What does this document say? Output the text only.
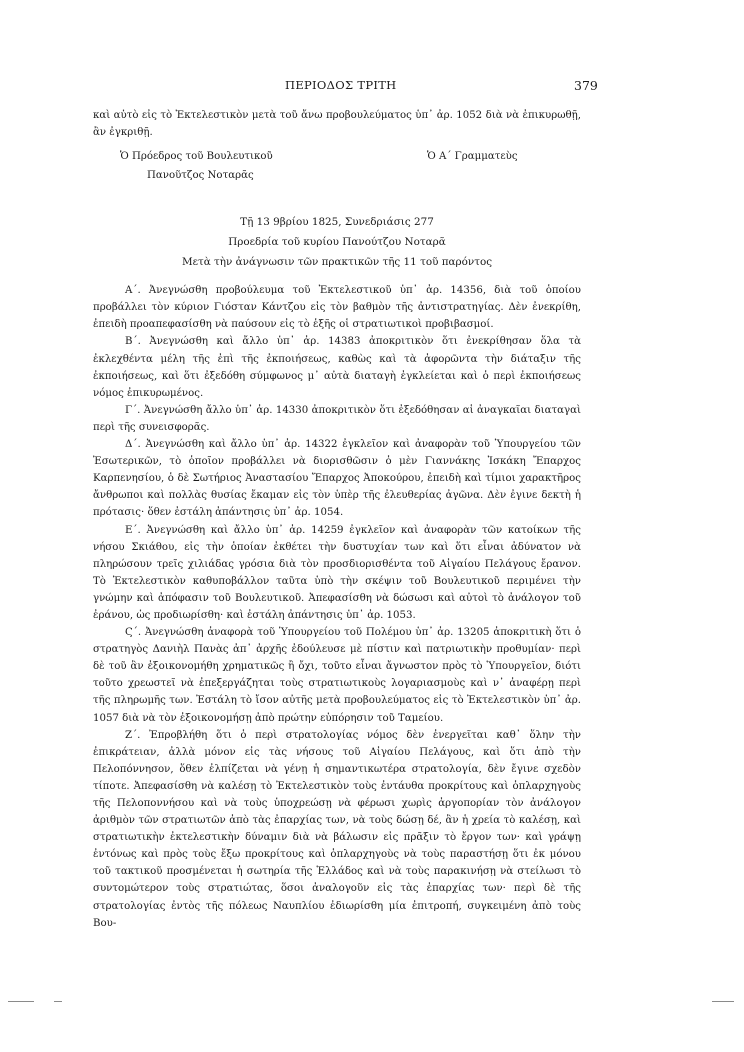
ΠΕΡΙΟΔΟΣ ΤΡΙΤΗ	379

καὶ αὐτὸ εἰς τὸ Ἐκτελεστικὸν μετὰ τοῦ ἄνω προβουλεύματος ὑπ᾽ ἀρ. 1052 διὰ νὰ ἐπικυρωθῇ, ἂν ἐγκριθῇ.

Ὁ Πρόεδρος τοῦ Βουλευτικοῦ
Πανοῦτζος Νοταρᾶς
Ὁ Α΄ Γραμματεὺς
Τῇ 13 9βρίου 1825, Συνεδριάσις 277
Προεδρία τοῦ κυρίου Πανούτζου Νοταρᾶ
Μετὰ τὴν ἀνάγνωσιν τῶν πρακτικῶν τῆς 11 τοῦ παρόντος

Α΄. Ἀνεγνώσθη προβούλευμα τοῦ Ἐκτελεστικοῦ ὑπ᾽ ἀρ. 14356, διὰ τοῦ ὁποίου προβάλλει τὸν κύριον Γιόσταν Κάντζου εἰς τὸν βαθμὸν τῆς ἀντιστρατηγίας. Δὲν ἐνεκρίθη, ἐπειδὴ προαπεφασίσθη νὰ παύσουν εἰς τὸ ἑξῆς οἱ στρατιωτικοὶ προβιβασμοί.

Β΄. Ἀνεγνώσθη καὶ ἄλλο ὑπ᾽ ἀρ. 14383 ἀποκριτικὸν ὅτι ἐνεκρίθησαν ὅλα τὰ ἐκλεχθέντα μέλη τῆς ἐπὶ τῆς ἐκποιήσεως, καθὼς καὶ τὰ ἀφορῶντα τὴν διάταξιν τῆς ἐκποιήσεως, καὶ ὅτι ἐξεδόθη σύμφωνος μ᾽ αὐτὰ διαταγὴ ἐγκλείεται καὶ ὁ περὶ ἐκποιήσεως νόμος ἐπικυρωμένος.

Γ΄. Ἀνεγνώσθη ἄλλο ὑπ᾽ ἀρ. 14330 ἀποκριτικὸν ὅτι ἐξεδόθησαν αἱ ἀναγκαῖαι διαταγαὶ περὶ τῆς συνεισφορᾶς.

Δ΄. Ἀνεγνώσθη καὶ ἄλλο ὑπ᾽ ἀρ. 14322 ἐγκλεῖον καὶ ἀναφορὰν τοῦ Ὑπουργείου τῶν Ἐσωτερικῶν, τὸ ὁποῖον προβάλλει νὰ διορισθῶσιν ὁ μὲν Γιαννάκης Ἰσκάκη Ἔπαρχος Καρπενησίου, ὁ δὲ Σωτήριος Ἀναστασίου Ἔπαρχος Ἀποκούρου, ἐπειδὴ καὶ τίμιοι χαρακτῆρος ἄνθρωποι καὶ πολλὰς θυσίας ἔκαμαν εἰς τὸν ὑπὲρ τῆς ἐλευθερίας ἀγῶνα. Δὲν ἐγινε δεκτὴ ἡ πρότασις· ὅθεν ἐστάλη ἀπάντησις ὑπ᾽ ἀρ. 1054.

Ε΄. Ἀνεγνώσθη καὶ ἄλλο ὑπ᾽ ἀρ. 14259 ἐγκλεῖον καὶ ἀναφορὰν τῶν κατοίκων τῆς νήσου Σκιάθου, εἰς τὴν ὁποίαν ἐκθέτει τὴν δυστυχίαν των καὶ ὅτι εἶναι ἀδύνατον νὰ πληρώσουν τρεῖς χιλιάδας γρόσια διὰ τὸν προσδιορισθέντα τοῦ Αἰγαίου Πελάγους ἔρανον. Τὸ Ἐκτελεστικὸν καθυποβάλλον ταῦτα ὑπὸ τὴν σκέψιν τοῦ Βουλευτικοῦ περιμένει τὴν γνώμην καὶ ἀπόφασιν τοῦ Βουλευτικοῦ. Ἀπεφασίσθη νὰ δώσωσι καὶ αὐτοὶ τὸ ἀνάλογον τοῦ ἐράνου, ὡς προδιωρίσθη· καὶ ἐστάλη ἀπάντησις ὑπ᾽ ἀρ. 1053.

Ϛ΄. Ἀνεγνώσθη ἀναφορὰ τοῦ Ὑπουργείου τοῦ Πολέμου ὑπ᾽ ἀρ. 13205 ἀποκριτικὴ ὅτι ὁ στρατηγὸς Δανιὴλ Πανὰς ἀπ᾽ ἀρχῆς ἐδούλευσε μὲ πίστιν καὶ πατριωτικὴν προθυμίαν· περὶ δὲ τοῦ ἂν ἐξοικονομήθη χρηματικῶς ἢ ὄχι, τοῦτο εἶναι ἄγνωστον πρὸς τὸ Ὑπουργεῖον, διότι τοῦτο χρεωστεῖ νὰ ἐπεξεργάζηται τοὺς στρατιωτικοὺς λογαριασμοὺς καὶ ν᾽ ἀναφέρῃ περὶ τῆς πληρωμῆς των. Ἐστάλη τὸ ἴσον αὐτῆς μετὰ προβουλεύματος εἰς τὸ Ἐκτελεστικὸν ὑπ᾽ ἀρ. 1057 διὰ νὰ τὸν ἐξοικονομήσῃ ἀπὸ πρώτην εὐπόρησιν τοῦ Ταμείου.

Ζ΄. Ἐπροβλήθη ὅτι ὁ περὶ στρατολογίας νόμος δὲν ἐνεργεῖται καθ᾽ ὅλην τὴν ἐπικράτειαν, ἀλλὰ μόνον εἰς τὰς νήσους τοῦ Αἰγαίου Πελάγους, καὶ ὅτι ἀπὸ τὴν Πελοπόννησον, ὅθεν ἐλπίζεται νὰ γένῃ ἡ σημαντικωτέρα στρατολογία, δὲν ἔγινε σχεδὸν τίποτε. Ἀπεφασίσθη νὰ καλέσῃ τὸ Ἐκτελεστικὸν τοὺς ἐντάυθα προκρίτους καὶ ὁπλαρχηγοὺς τῆς Πελοποννήσου καὶ νὰ τοὺς ὑποχρεώσῃ νὰ φέρωσι χωρὶς ἀργοπορίαν τὸν ἀνάλογον ἀριθμὸν τῶν στρατιωτῶν ἀπὸ τὰς ἐπαρχίας των, νὰ τοὺς δώσῃ δέ, ἂν ἡ χρεία τὸ καλέσῃ, καὶ στρατιωτικὴν ἐκτελεστικὴν δύναμιν διὰ νὰ βάλωσιν εἰς πρᾶξιν τὸ ἔργον των· καὶ γράψῃ ἐντόνως καὶ πρὸς τοὺς ἔξω προκρίτους καὶ ὁπλαρχηγοὺς νὰ τοὺς παραστήσῃ ὅτι ἐκ μόνου τοῦ τακτικοῦ προσμένεται ἡ σωτηρία τῆς Ἑλλάδος καὶ νὰ τοὺς παρακινήσῃ νὰ στείλωσι τὸ συντομώτερον τοὺς στρατιώτας, ὅσοι ἀναλογοῦν εἰς τὰς ἐπαρχίας των· περὶ δὲ τῆς στρατολογίας ἐντὸς τῆς πόλεως Ναυπλίου ἐδιωρίσθη μία ἐπιτροπή, συγκειμένη ἀπὸ τοὺς Βου-
